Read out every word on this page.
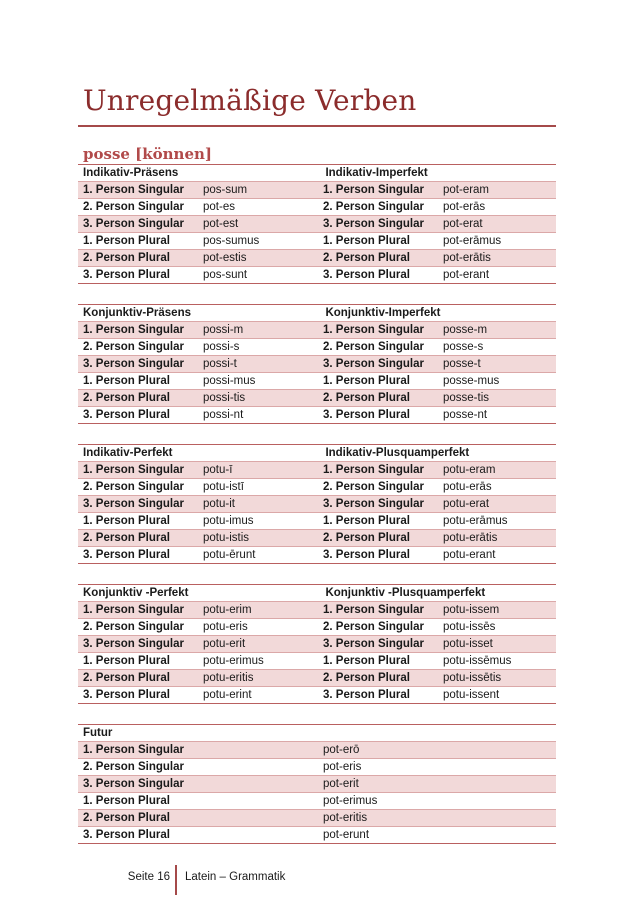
Unregelmäßige Verben
posse [können]
Indikativ-Präsens	Indikativ-Imperfekt
1. Person Singular	pos-sum	1. Person Singular	pot-eram
2. Person Singular	pot-es	2. Person Singular	pot-erās
3. Person Singular	pot-est	3. Person Singular	pot-erat
1. Person Plural	pos-sumus	1. Person Plural	pot-erāmus
2. Person Plural	pot-estis	2. Person Plural	pot-erātis
3. Person Plural	pos-sunt	3. Person Plural	pot-erant
Konjunktiv-Präsens	Konjunktiv-Imperfekt
1. Person Singular	possi-m	1. Person Singular	posse-m
2. Person Singular	possi-s	2. Person Singular	posse-s
3. Person Singular	possi-t	3. Person Singular	posse-t
1. Person Plural	possi-mus	1. Person Plural	posse-mus
2. Person Plural	possi-tis	2. Person Plural	posse-tis
3. Person Plural	possi-nt	3. Person Plural	posse-nt
Indikativ-Perfekt	Indikativ-Plusquamperfekt
1. Person Singular	potu-ī	1. Person Singular	potu-eram
2. Person Singular	potu-istī	2. Person Singular	potu-erās
3. Person Singular	potu-it	3. Person Singular	potu-erat
1. Person Plural	potu-imus	1. Person Plural	potu-erāmus
2. Person Plural	potu-istis	2. Person Plural	potu-erātis
3. Person Plural	potu-ērunt	3. Person Plural	potu-erant
Konjunktiv -Perfekt	Konjunktiv -Plusquamperfekt
1. Person Singular	potu-erim	1. Person Singular	potu-issem
2. Person Singular	potu-eris	2. Person Singular	potu-issēs
3. Person Singular	potu-erit	3. Person Singular	potu-isset
1. Person Plural	potu-erimus	1. Person Plural	potu-issēmus
2. Person Plural	potu-eritis	2. Person Plural	potu-issētis
3. Person Plural	potu-erint	3. Person Plural	potu-issent
Futur
1. Person Singular	pot-erō
2. Person Singular	pot-eris
3. Person Singular	pot-erit
1. Person Plural	pot-erimus
2. Person Plural	pot-eritis
3. Person Plural	pot-erunt
Seite 16 Latein – Grammatik
